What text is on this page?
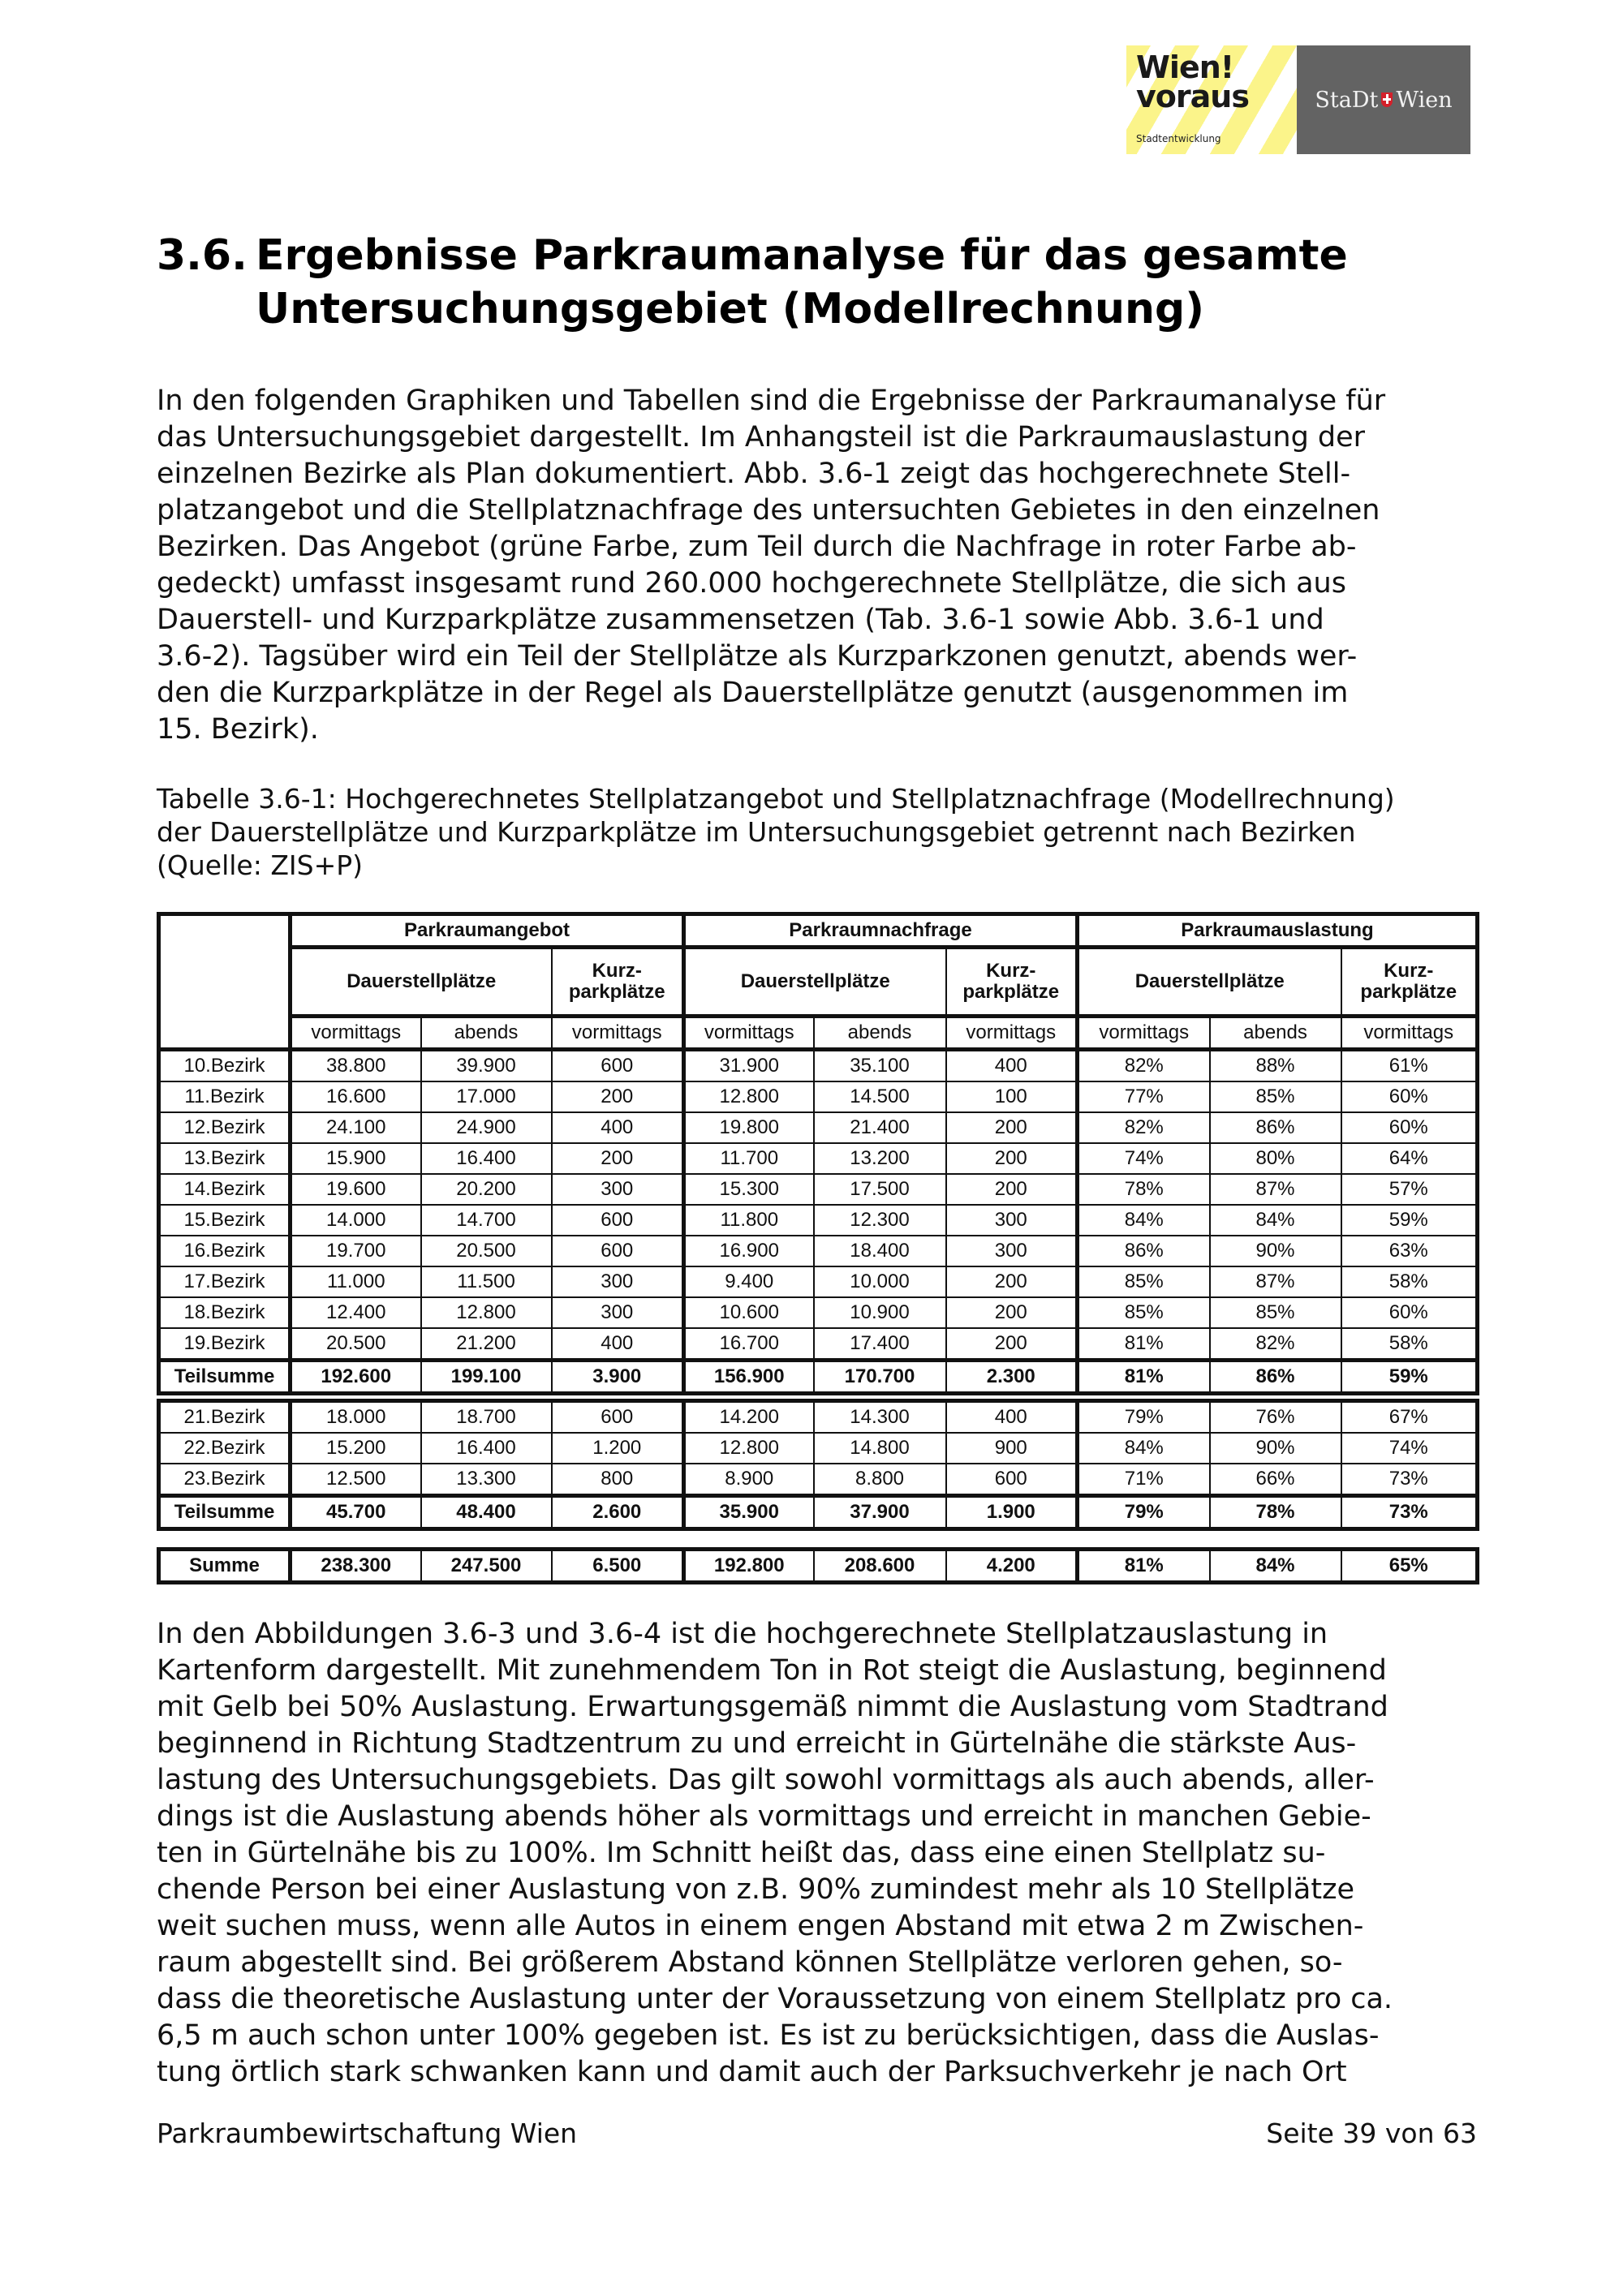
Wien!
voraus
Stadtentwicklung
StaDt Wien
3.6. Ergebnisse Parkraumanalyse für das gesamte
Untersuchungsgebiet (Modellrechnung)
In den folgenden Graphiken und Tabellen sind die Ergebnisse der Parkraumanalyse für
das Untersuchungsgebiet dargestellt. Im Anhangsteil ist die Parkraumauslastung der
einzelnen Bezirke als Plan dokumentiert. Abb. 3.6-1 zeigt das hochgerechnete Stell-
platzangebot und die Stellplatznachfrage des untersuchten Gebietes in den einzelnen
Bezirken. Das Angebot (grüne Farbe, zum Teil durch die Nachfrage in roter Farbe ab-
gedeckt) umfasst insgesamt rund 260.000 hochgerechnete Stellplätze, die sich aus
Dauerstell- und Kurzparkplätze zusammensetzen (Tab. 3.6-1 sowie Abb. 3.6-1 und
3.6-2). Tagsüber wird ein Teil der Stellplätze als Kurzparkzonen genutzt, abends wer-
den die Kurzparkplätze in der Regel als Dauerstellplätze genutzt (ausgenommen im
15. Bezirk).
Tabelle 3.6-1: Hochgerechnetes Stellplatzangebot und Stellplatznachfrage (Modellrechnung)
der Dauerstellplätze und Kurzparkplätze im Untersuchungsgebiet getrennt nach Bezirken
(Quelle: ZIS+P)
	Parkraumangebot			Parkraumnachfrage			Parkraumauslastung		
	Dauerstellplätze		Kurz-
parkplätze	Dauerstellplätze		Kurz-
parkplätze	Dauerstellplätze		Kurz-
parkplätze
	vormittags	abends	vormittags	vormittags	abends	vormittags	vormittags	abends	vormittags
10.Bezirk	38.800	39.900	600	31.900	35.100	400	82%	88%	61%
11.Bezirk	16.600	17.000	200	12.800	14.500	100	77%	85%	60%
12.Bezirk	24.100	24.900	400	19.800	21.400	200	82%	86%	60%
13.Bezirk	15.900	16.400	200	11.700	13.200	200	74%	80%	64%
14.Bezirk	19.600	20.200	300	15.300	17.500	200	78%	87%	57%
15.Bezirk	14.000	14.700	600	11.800	12.300	300	84%	84%	59%
16.Bezirk	19.700	20.500	600	16.900	18.400	300	86%	90%	63%
17.Bezirk	11.000	11.500	300	9.400	10.000	200	85%	87%	58%
18.Bezirk	12.400	12.800	300	10.600	10.900	200	85%	85%	60%
19.Bezirk	20.500	21.200	400	16.700	17.400	200	81%	82%	58%
Teilsumme	192.600	199.100	3.900	156.900	170.700	2.300	81%	86%	59%
21.Bezirk	18.000	18.700	600	14.200	14.300	400	79%	76%	67%
22.Bezirk	15.200	16.400	1.200	12.800	14.800	900	84%	90%	74%
23.Bezirk	12.500	13.300	800	8.900	8.800	600	71%	66%	73%
Teilsumme	45.700	48.400	2.600	35.900	37.900	1.900	79%	78%	73%
Summe	238.300	247.500	6.500	192.800	208.600	4.200	81%	84%	65%
In den Abbildungen 3.6-3 und 3.6-4 ist die hochgerechnete Stellplatzauslastung in
Kartenform dargestellt. Mit zunehmendem Ton in Rot steigt die Auslastung, beginnend
mit Gelb bei 50% Auslastung. Erwartungsgemäß nimmt die Auslastung vom Stadtrand
beginnend in Richtung Stadtzentrum zu und erreicht in Gürtelnähe die stärkste Aus-
lastung des Untersuchungsgebiets. Das gilt sowohl vormittags als auch abends, aller-
dings ist die Auslastung abends höher als vormittags und erreicht in manchen Gebie-
ten in Gürtelnähe bis zu 100%. Im Schnitt heißt das, dass eine einen Stellplatz su-
chende Person bei einer Auslastung von z.B. 90% zumindest mehr als 10 Stellplätze
weit suchen muss, wenn alle Autos in einem engen Abstand mit etwa 2 m Zwischen-
raum abgestellt sind. Bei größerem Abstand können Stellplätze verloren gehen, so-
dass die theoretische Auslastung unter der Voraussetzung von einem Stellplatz pro ca.
6,5 m auch schon unter 100% gegeben ist. Es ist zu berücksichtigen, dass die Auslas-
tung örtlich stark schwanken kann und damit auch der Parksuchverkehr je nach Ort
Parkraumbewirtschaftung Wien	Seite 39 von 63
